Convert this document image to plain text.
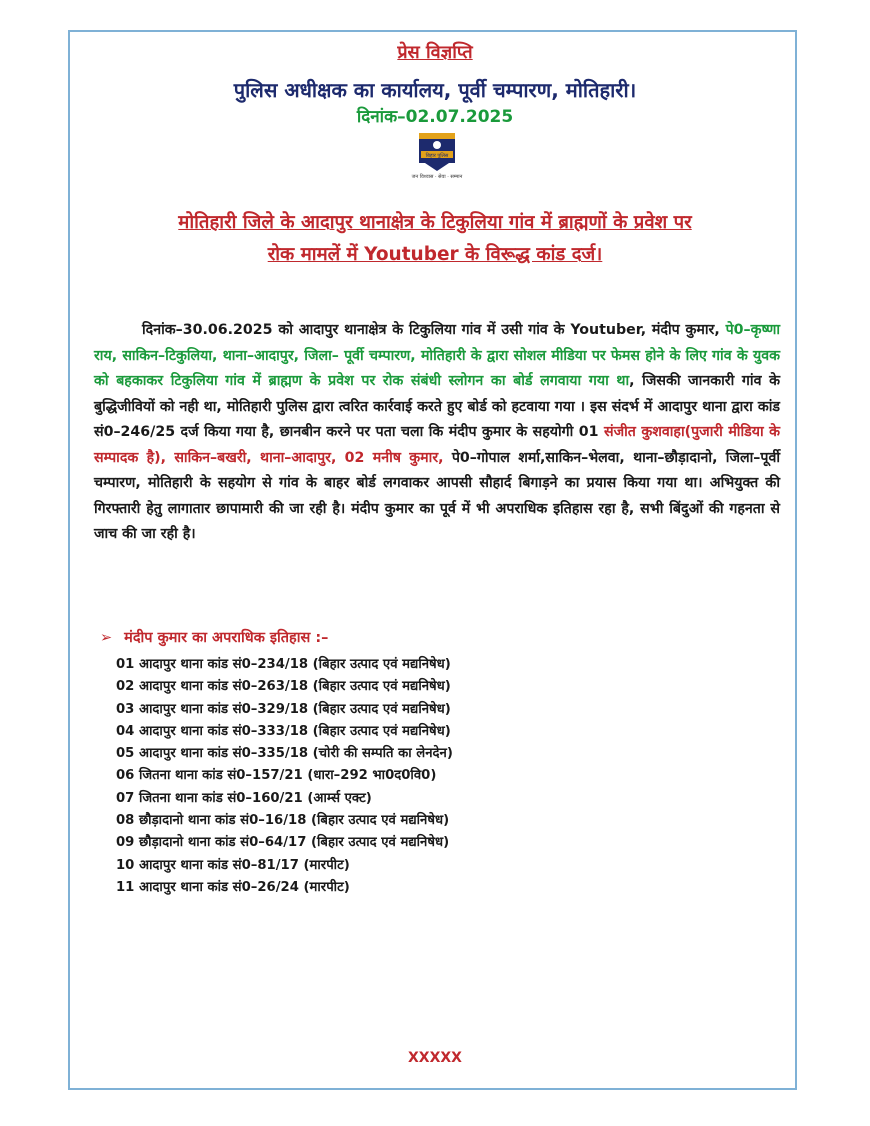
प्रेस विज्ञप्ति
पुलिस अधीक्षक का कार्यालय, पूर्वी चम्पारण, मोतिहारी।
दिनांक–02.07.2025
बिहार पुलिस
जन विश्वास · सेवा · सम्मान
मोतिहारी जिले के आदापुर थानाक्षेत्र के टिकुलिया गांव में ब्राह्मणों के प्रवेश पर
रोक मामलें में Youtuber के विरूद्ध कांड दर्ज।
दिनांक–30.06.2025 को आदापुर थानाक्षेत्र के टिकुलिया गांव में उसी गांव के Youtuber, मंदीप कुमार, पे0–कृष्णा राय, साकिन–टिकुलिया, थाना–आदापुर, जिला– पूर्वी चम्पारण, मोतिहारी के द्वारा सोशल मीडिया पर फेमस होने के लिए गांव के युवक को बहकाकर टिकुलिया गांव में ब्राह्मण के प्रवेश पर रोक संबंधी स्लोगन का बोर्ड लगवाया गया था, जिसकी जानकारी गांव के बुद्धिजीवियों को नही था, मोतिहारी पुलिस द्वारा त्वरित कार्रवाई करते हुए बोर्ड को हटवाया गया । इस संदर्भ में आदापुर थाना द्वारा कांड सं0–246/25 दर्ज किया गया है, छानबीन करने पर पता चला कि मंदीप कुमार के सहयोगी 01 संजीत कुशवाहा(पुजारी मीडिया के सम्पादक है), साकिन–बखरी, थाना–आदापुर, 02 मनीष कुमार, पे0–गोपाल शर्मा,साकिन–भेलवा, थाना–छौड़ादानो, जिला–पूर्वी चम्पारण, मोतिहारी के सहयोग से गांव के बाहर बोर्ड लगवाकर आपसी सौहार्द बिगाड़ने का प्रयास किया गया था। अभियुक्त की गिरफ्तारी हेतु लागातार छापामारी की जा रही है। मंदीप कुमार का पूर्व में भी अपराधिक इतिहास रहा है, सभी बिंदुओं की गहनता से जाच की जा रही है।
➢ मंदीप कुमार का अपराधिक इतिहास :–
01 आदापुर थाना कांड सं0–234/18 (बिहार उत्पाद एवं मद्यनिषेध)
02 आदापुर थाना कांड सं0–263/18 (बिहार उत्पाद एवं मद्यनिषेध)
03 आदापुर थाना कांड सं0–329/18 (बिहार उत्पाद एवं मद्यनिषेध)
04 आदापुर थाना कांड सं0–333/18 (बिहार उत्पाद एवं मद्यनिषेध)
05 आदापुर थाना कांड सं0–335/18 (चोरी की सम्पति का लेनदेन)
06 जितना थाना कांड सं0–157/21 (धारा–292 भा0द0वि0)
07 जितना थाना कांड सं0–160/21 (आर्म्स एक्ट)
08 छौड़ादानो थाना कांड सं0–16/18 (बिहार उत्पाद एवं मद्यनिषेध)
09 छौड़ादानो थाना कांड सं0–64/17 (बिहार उत्पाद एवं मद्यनिषेध)
10 आदापुर थाना कांड सं0–81/17 (मारपीट)
11 आदापुर थाना कांड सं0–26/24 (मारपीट)
XXXXX
